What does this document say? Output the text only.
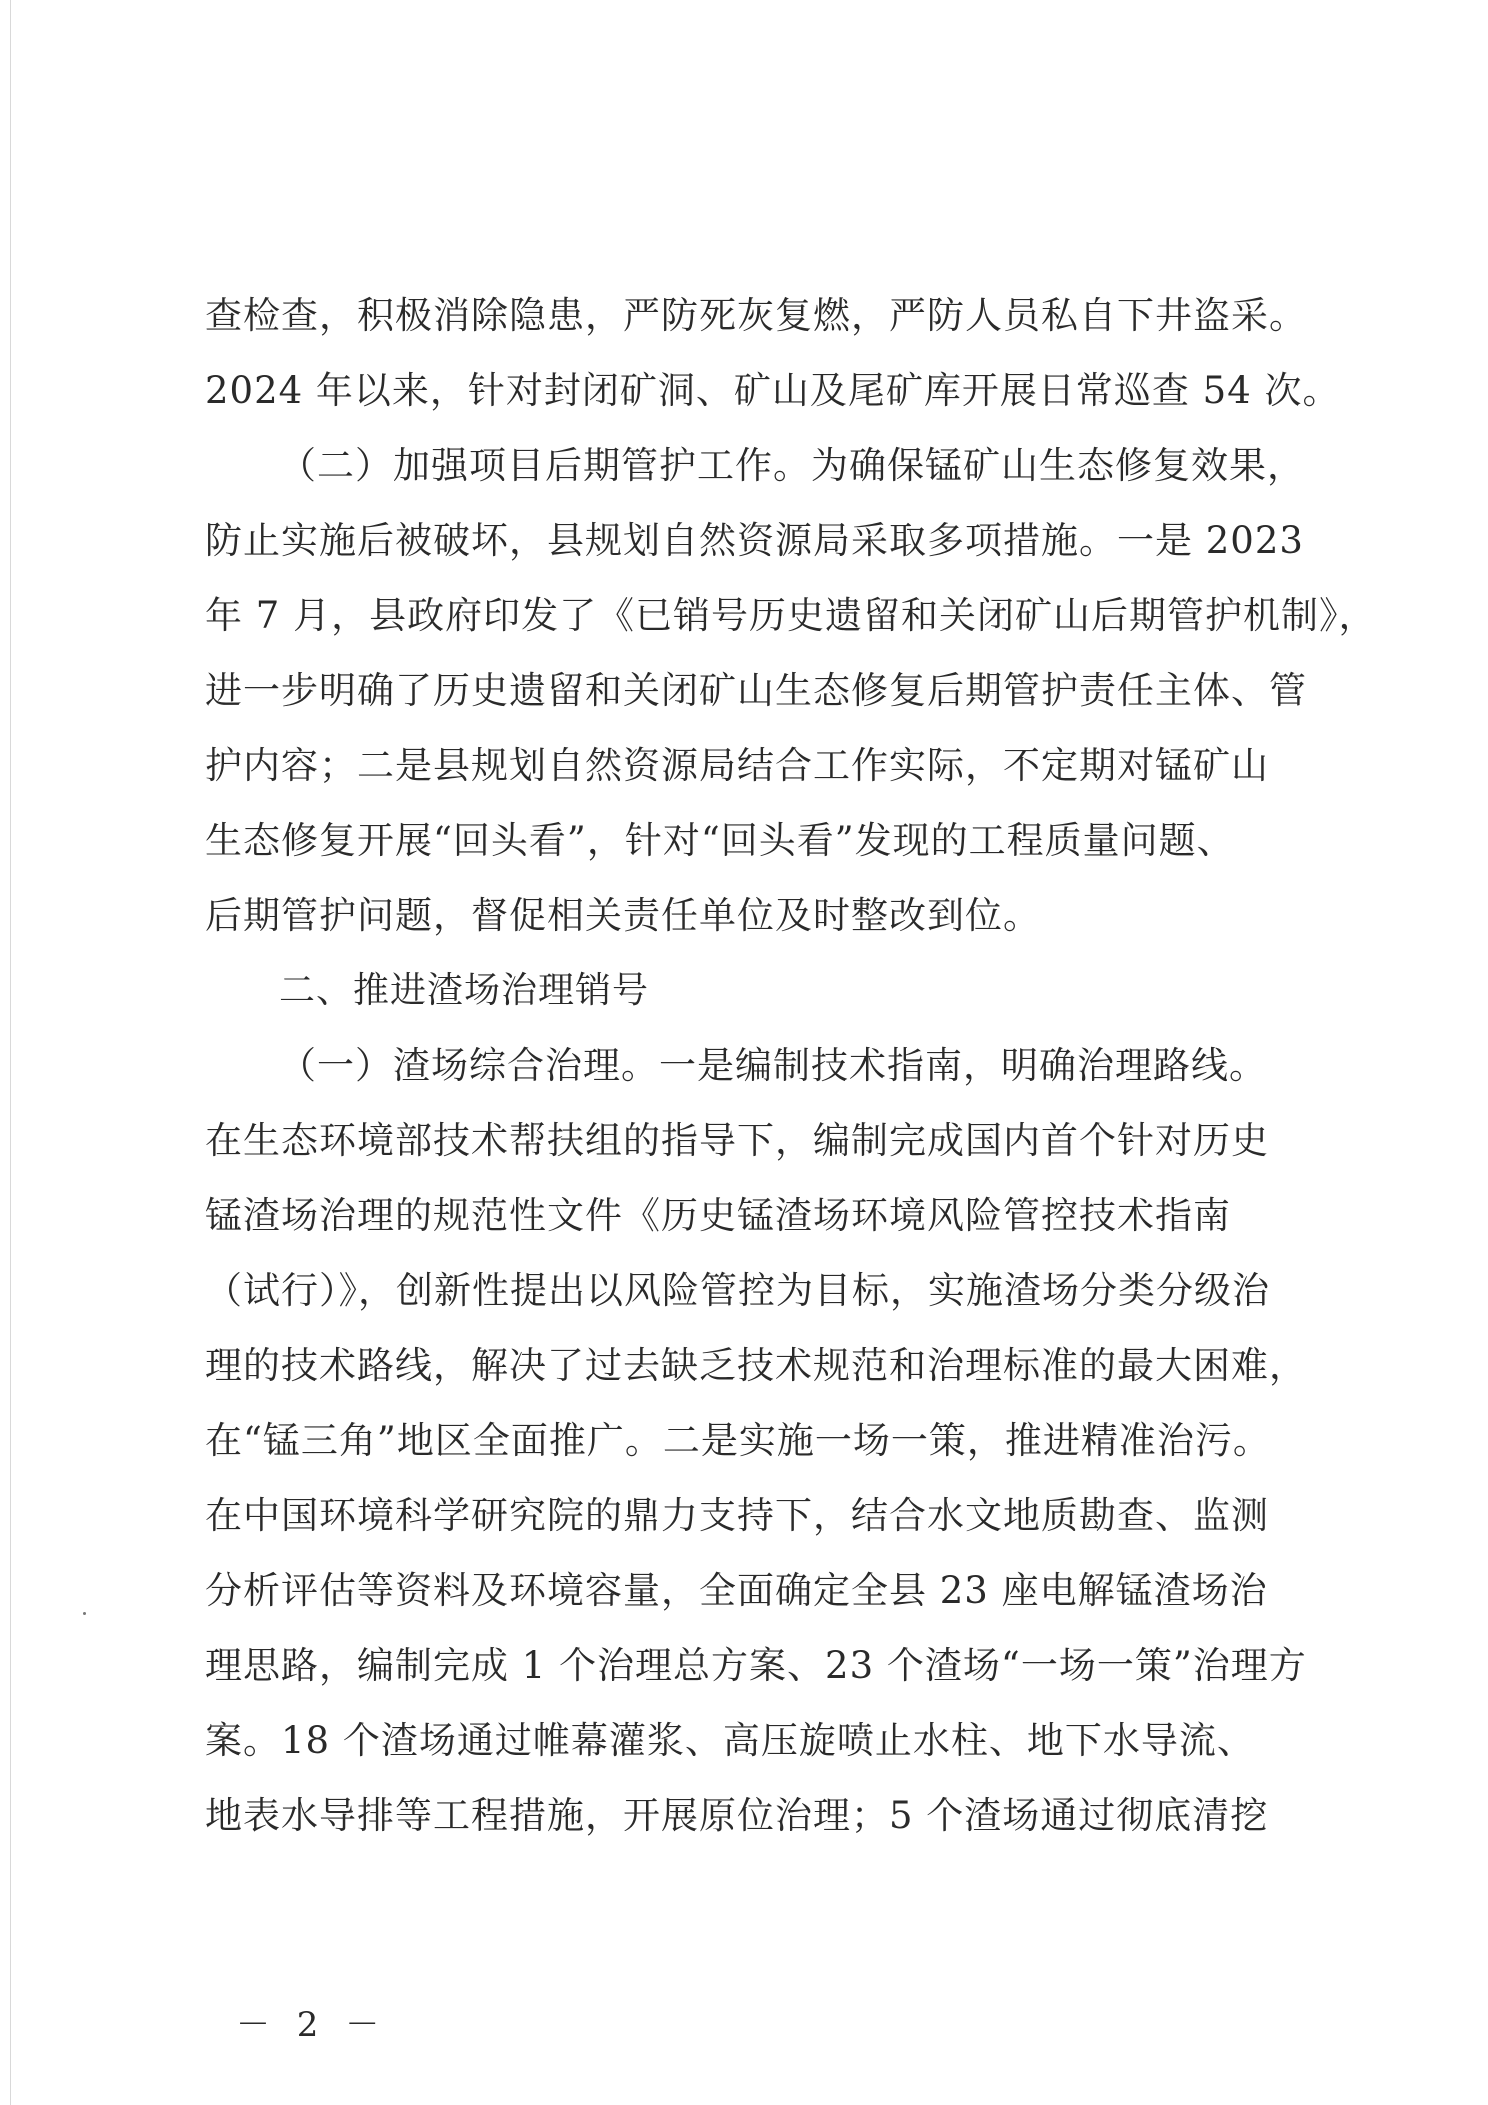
查检查，积极消除隐患，严防死灰复燃，严防人员私自下井盗采。
2024 年以来，针对封闭矿洞、矿山及尾矿库开展日常巡查 54 次。
（二）加强项目后期管护工作。为确保锰矿山生态修复效果，
防止实施后被破坏，县规划自然资源局采取多项措施。一是 2023
年 7 月，县政府印发了《已销号历史遗留和关闭矿山后期管护机制》，
进一步明确了历史遗留和关闭矿山生态修复后期管护责任主体、管
护内容；二是县规划自然资源局结合工作实际，不定期对锰矿山
生态修复开展“回头看”，针对“回头看”发现的工程质量问题、
后期管护问题，督促相关责任单位及时整改到位。
二、推进渣场治理销号
（一）渣场综合治理。一是编制技术指南，明确治理路线。
在生态环境部技术帮扶组的指导下，编制完成国内首个针对历史
锰渣场治理的规范性文件《历史锰渣场环境风险管控技术指南
（试行）》，创新性提出以风险管控为目标，实施渣场分类分级治
理的技术路线，解决了过去缺乏技术规范和治理标准的最大困难，
在“锰三角”地区全面推广。二是实施一场一策，推进精准治污。
在中国环境科学研究院的鼎力支持下，结合水文地质勘查、监测
分析评估等资料及环境容量，全面确定全县 23 座电解锰渣场治
理思路，编制完成 1 个治理总方案、23 个渣场“一场一策”治理方
案。18 个渣场通过帷幕灌浆、高压旋喷止水柱、地下水导流、
地表水导排等工程措施，开展原位治理；5 个渣场通过彻底清挖
－ 2 －
